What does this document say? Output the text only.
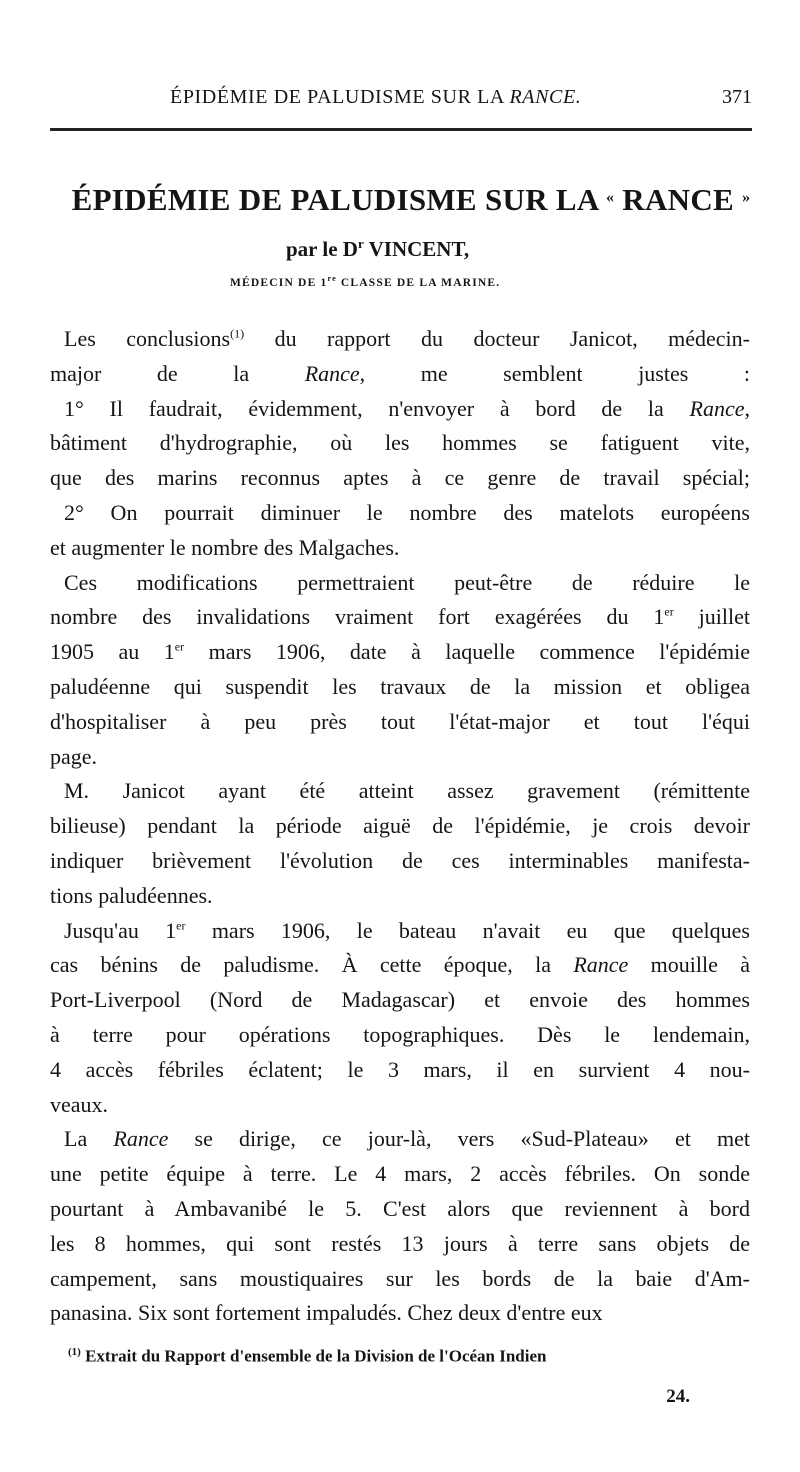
ÉPIDÉMIE DE PALUDISME SUR LA RANCE.	371
ÉPIDÉMIE DE PALUDISME SUR LA « RANCE »
par le $D^r$ VINCENT,
MÉDECIN DE 1re CLASSE DE LA MARINE.
Les conclusions$^{(1)}$ du rapport du docteur Janicot, médecin-
major de la Rance, me semblent justes :
1° Il faudrait, évidemment, n'envoyer à bord de la Rance,
bâtiment d'hydrographie, où les hommes se fatiguent vite,
que des marins reconnus aptes à ce genre de travail spécial;
2° On pourrait diminuer le nombre des matelots européens
et augmenter le nombre des Malgaches.
Ces modifications permettraient peut-être de réduire le
nombre des invalidations vraiment fort exagérées du 1er juillet
1905 au 1er mars 1906, date à laquelle commence l'épidémie
paludéenne qui suspendit les travaux de la mission et obligea
d'hospitaliser à peu près tout l'état-major et tout l'équi
page.
M. Janicot ayant été atteint assez gravement (rémittente
bilieuse) pendant la période aiguë de l'épidémie, je crois devoir
indiquer brièvement l'évolution de ces interminables manifesta-
tions paludéennes.
Jusqu'au 1er mars 1906, le bateau n'avait eu que quelques
cas bénins de paludisme. À cette époque, la Rance mouille à
Port-Liverpool (Nord de Madagascar) et envoie des hommes
à terre pour opérations topographiques. Dès le lendemain,
4 accès fébriles éclatent; le 3 mars, il en survient 4 nou-
veaux.
La Rance se dirige, ce jour-là, vers «Sud-Plateau» et met
une petite équipe à terre. Le 4 mars, 2 accès fébriles. On sonde
pourtant à Ambavanibé le 5. C'est alors que reviennent à bord
les 8 hommes, qui sont restés 13 jours à terre sans objets de
campement, sans moustiquaires sur les bords de la baie d'Am-
panasina. Six sont fortement impaludés. Chez deux d'entre eux
$^{(1)}$ Extrait du Rapport d'ensemble de la Division de l'Océan Indien
24.
